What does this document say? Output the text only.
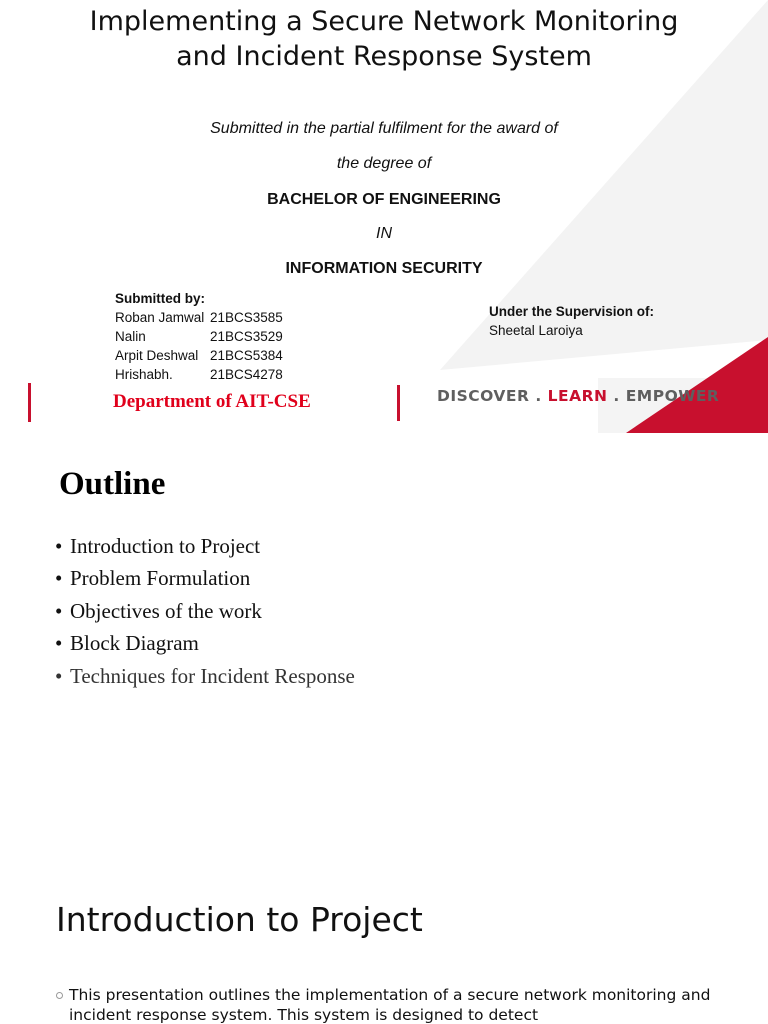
Implementing a Secure Network Monitoring and Incident Response System
Submitted in the partial fulfilment for the award of
the degree of
BACHELOR OF ENGINEERING
IN
INFORMATION SECURITY
Submitted by:
Roban Jamwal 21BCS3585
Nalin	21BCS3529
Arpit Deshwal 21BCS5384
Hrishabh.	21BCS4278
Under the Supervision of:
Sheetal Laroiya
Department of AIT-CSE	DISCOVER . LEARN . EMPOWER
Outline
• Introduction to Project
• Problem Formulation
• Objectives of the work
• Block Diagram
• Techniques for Incident Response
Introduction to Project
This presentation outlines the implementation of a secure network monitoring and incident response system. This system is designed to detect
